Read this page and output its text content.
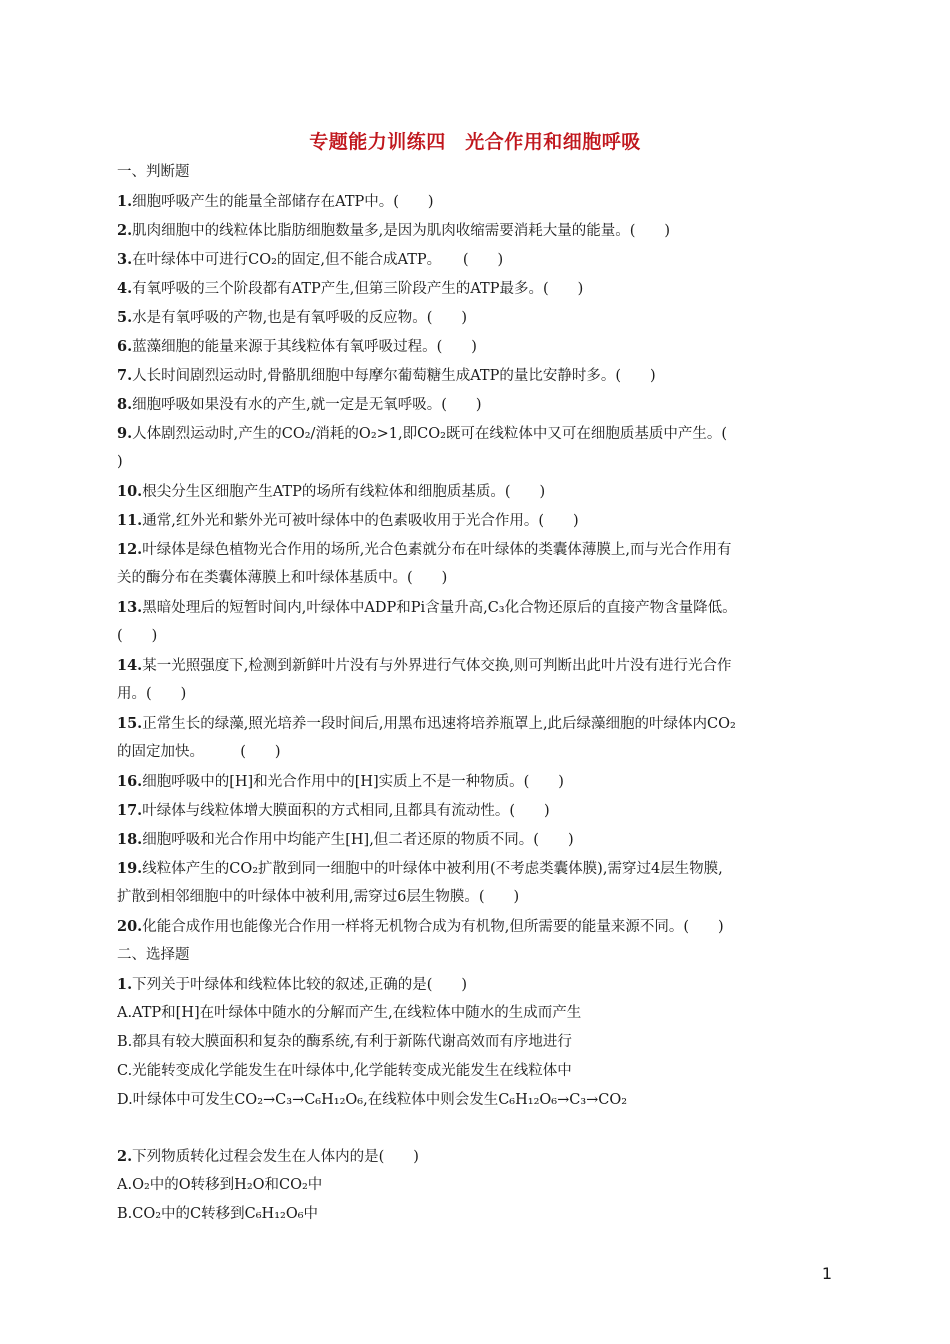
专题能力训练四　光合作用和细胞呼吸
一、判断题
1.细胞呼吸产生的能量全部储存在ATP中。(　　)
2.肌肉细胞中的线粒体比脂肪细胞数量多,是因为肌肉收缩需要消耗大量的能量。(　　)
3.在叶绿体中可进行CO₂的固定,但不能合成ATP。　　(　　)
4.有氧呼吸的三个阶段都有ATP产生,但第三阶段产生的ATP最多。(　　)
5.水是有氧呼吸的产物,也是有氧呼吸的反应物。(　　)
6.蓝藻细胞的能量来源于其线粒体有氧呼吸过程。(　　)
7.人长时间剧烈运动时,骨骼肌细胞中每摩尔葡萄糖生成ATP的量比安静时多。(　　)
8.细胞呼吸如果没有水的产生,就一定是无氧呼吸。(　　)
9.人体剧烈运动时,产生的CO₂/消耗的O₂>1,即CO₂既可在线粒体中又可在细胞质基质中产生。(
)
10.根尖分生区细胞产生ATP的场所有线粒体和细胞质基质。(　　)
11.通常,红外光和紫外光可被叶绿体中的色素吸收用于光合作用。(　　)
12.叶绿体是绿色植物光合作用的场所,光合色素就分布在叶绿体的类囊体薄膜上,而与光合作用有
关的酶分布在类囊体薄膜上和叶绿体基质中。(　　)
13.黑暗处理后的短暂时间内,叶绿体中ADP和Pi含量升高,C₃化合物还原后的直接产物含量降低。
(　　)
14.某一光照强度下,检测到新鲜叶片没有与外界进行气体交换,则可判断出此叶片没有进行光合作
用。(　　)
15.正常生长的绿藻,照光培养一段时间后,用黑布迅速将培养瓶罩上,此后绿藻细胞的叶绿体内CO₂
的固定加快。　　　(　　)
16.细胞呼吸中的[H]和光合作用中的[H]实质上不是一种物质。(　　)
17.叶绿体与线粒体增大膜面积的方式相同,且都具有流动性。(　　)
18.细胞呼吸和光合作用中均能产生[H],但二者还原的物质不同。(　　)
19.线粒体产生的CO₂扩散到同一细胞中的叶绿体中被利用(不考虑类囊体膜),需穿过4层生物膜,
扩散到相邻细胞中的叶绿体中被利用,需穿过6层生物膜。(　　)
20.化能合成作用也能像光合作用一样将无机物合成为有机物,但所需要的能量来源不同。(　　)
二、选择题
1.下列关于叶绿体和线粒体比较的叙述,正确的是(　　)
A.ATP和[H]在叶绿体中随水的分解而产生,在线粒体中随水的生成而产生
B.都具有较大膜面积和复杂的酶系统,有利于新陈代谢高效而有序地进行
C.光能转变成化学能发生在叶绿体中,化学能转变成光能发生在线粒体中
D.叶绿体中可发生CO₂→C₃→C₆H₁₂O₆,在线粒体中则会发生C₆H₁₂O₆→C₃→CO₂
2.下列物质转化过程会发生在人体内的是(　　)
A.O₂中的O转移到H₂O和CO₂中
B.CO₂中的C转移到C₆H₁₂O₆中
1
